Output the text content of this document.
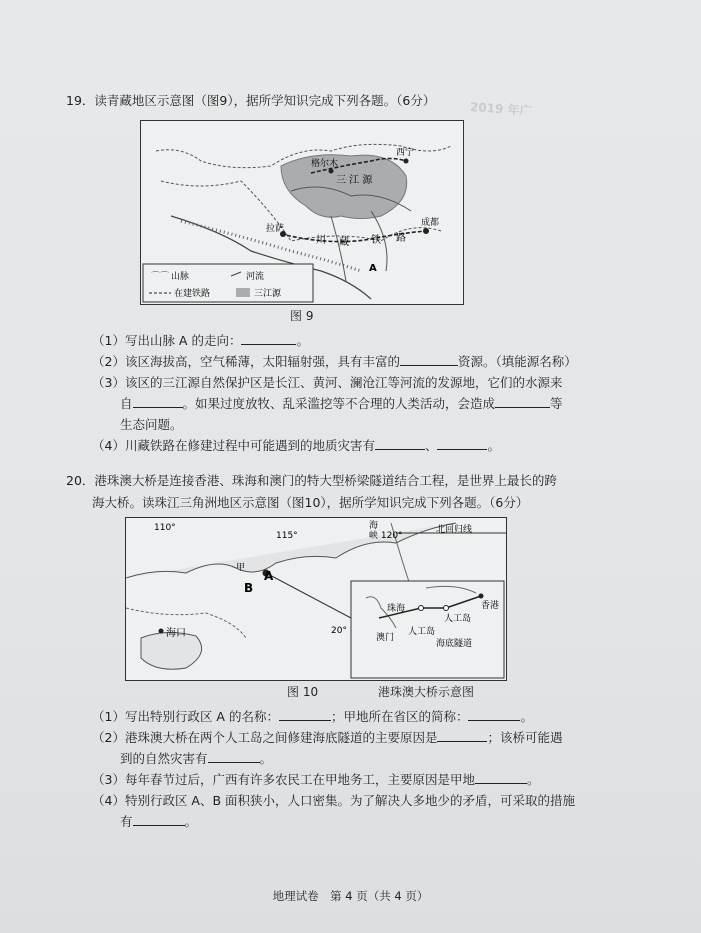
2019 年广
19．读青藏地区示意图（图9），据所学知识完成下列各题。（6分）
⌒⌒ 山脉	河流
在建铁路	三江源
格尔木
西宁
三 江 源
拉萨
川 藏 铁 路
成都
A
图 9
（1）写出山脉 A 的走向：	。
（2）该区海拔高，空气稀薄，太阳辐射强，具有丰富的	资源。（填能源名称）
（3）该区的三江源自然保护区是长江、黄河、澜沧江等河流的发源地，它们的水源来
自	。如果过度放牧、乱采滥挖等不合理的人类活动，会造成	等
生态问题。
（4）川藏铁路在修建过程中可能遇到的地质灾害有	、	。
20．港珠澳大桥是连接香港、珠海和澳门的特大型桥梁隧道结合工程，是世界上最长的跨
海大桥。读珠江三角洲地区示意图（图10），据所学知识完成下列各题。（6分）
110°
115°
海
峡 120°
北回归线
甲
A
B
海口	20°
珠海	香港
人工岛
澳门
人工岛
海底隧道
图 10	港珠澳大桥示意图
（1）写出特别行政区 A 的名称：	；甲地所在省区的简称：	。
（2）港珠澳大桥在两个人工岛之间修建海底隧道的主要原因是	；该桥可能遇
到的自然灾害有	。
（3）每年春节过后，广西有许多农民工在甲地务工，主要原因是甲地	。
（4）特别行政区 A、B 面积狭小，人口密集。为了解决人多地少的矛盾，可采取的措施
有	。
地理试卷　第 4 页（共 4 页）
